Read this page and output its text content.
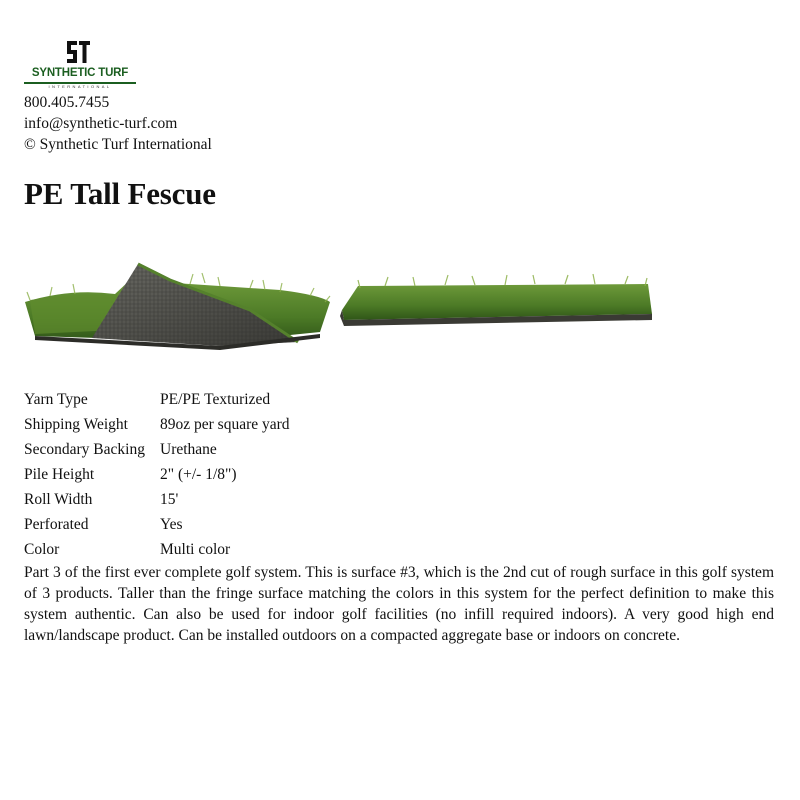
SYNTHETIC TURF
INTERNATIONAL
800.405.7455
info@synthetic-turf.com
© Synthetic Turf International
PE Tall Fescue
Yarn Type	PE/PE Texturized
Shipping Weight	89oz per square yard
Secondary Backing	Urethane
Pile Height	2" (+/- 1/8")
Roll Width	15'
Perforated	Yes
Color	Multi color

Part 3 of the first ever complete golf system. This is surface #3, which is the 2nd cut of rough surface in this golf system of 3 products. Taller than the fringe surface matching the colors in this system for the perfect definition to make this system authentic. Can also be used for indoor golf facilities (no infill required indoors). A very good high end lawn/landscape product. Can be installed outdoors on a compacted aggregate base or indoors on concrete.
